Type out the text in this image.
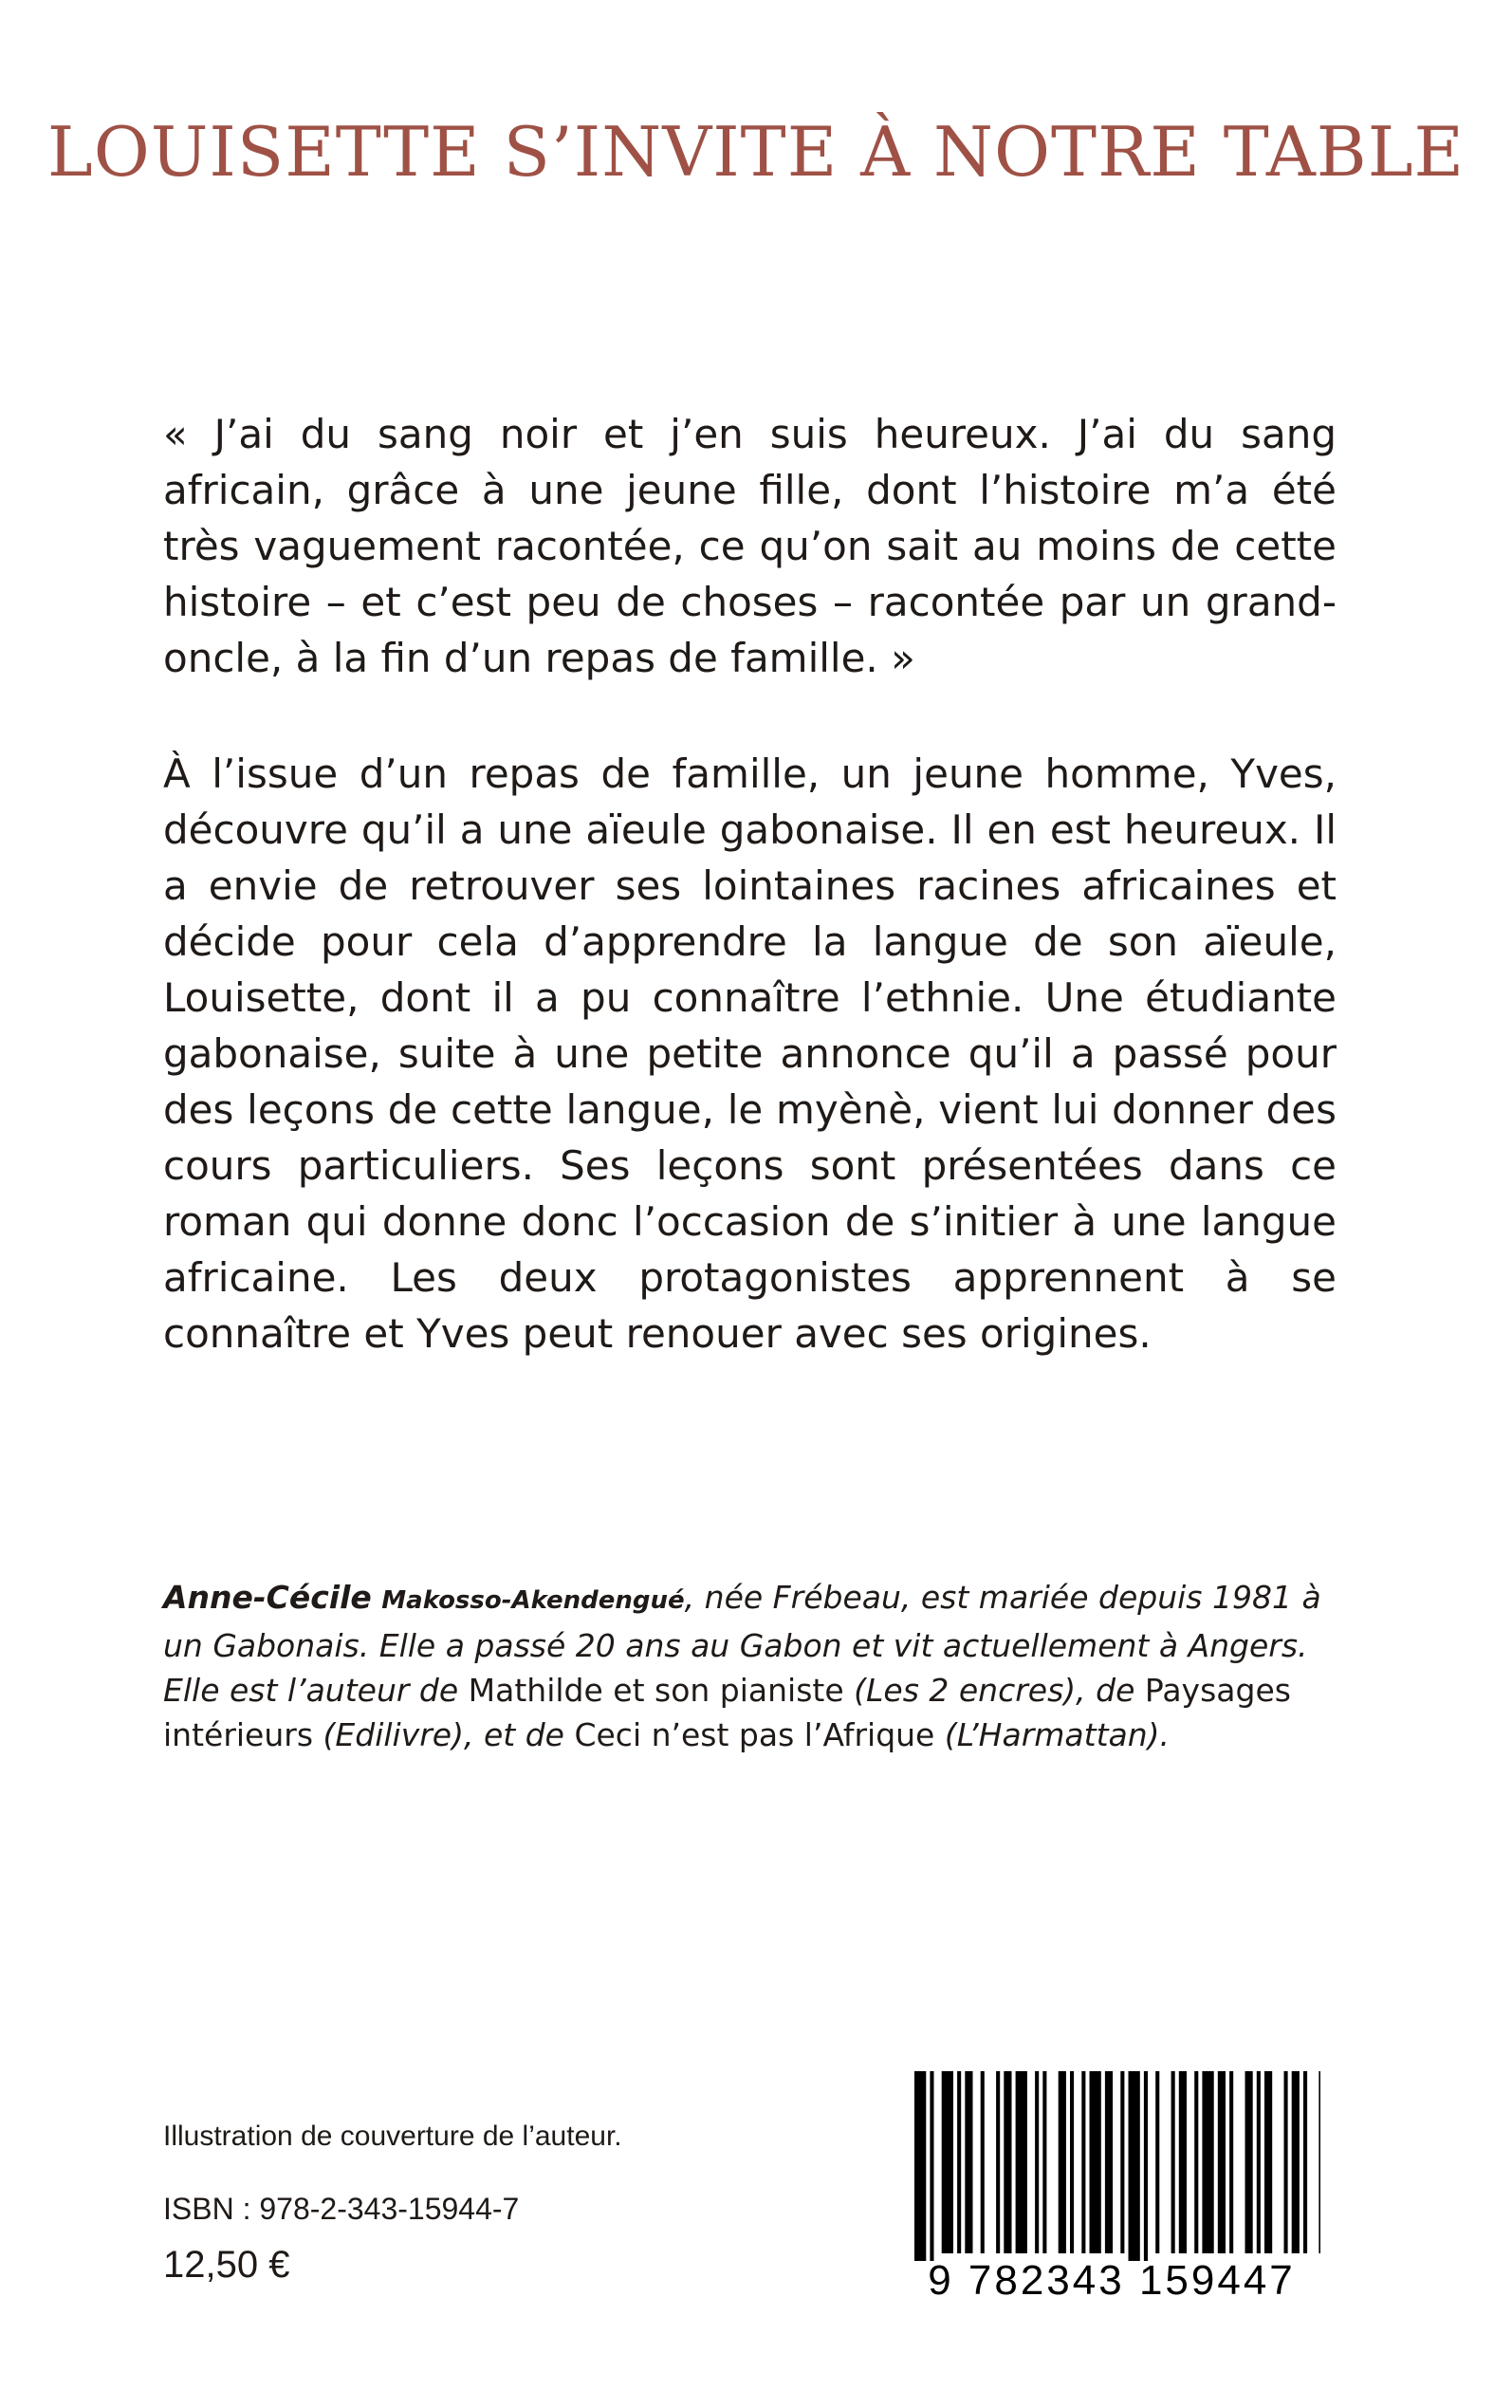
LOUISETTE S’INVITE À NOTRE TABLE
« J’ai du sang noir et j’en suis heureux. J’ai du sang africain, grâce à une jeune fille, dont l’histoire m’a été très vaguement racontée, ce qu’on sait au moins de cette histoire – et c’est peu de choses – racontée par un grand-oncle, à la fin d’un repas de famille. »
À l’issue d’un repas de famille, un jeune homme, Yves, découvre qu’il a une aïeule gabonaise. Il en est heureux. Il a envie de retrouver ses lointaines racines africaines et décide pour cela d’apprendre la langue de son aïeule, Louisette, dont il a pu connaître l’ethnie. Une étudiante gabonaise, suite à une petite annonce qu’il a passé pour des leçons de cette langue, le myènè, vient lui donner des cours particuliers. Ses leçons sont présentées dans ce roman qui donne donc l’occasion de s’initier à une langue africaine. Les deux protagonistes apprennent à se connaître et Yves peut renouer avec ses origines.
Anne-Cécile Makosso-Akendengué, née Frébeau, est mariée depuis 1981 à un Gabonais. Elle a passé 20 ans au Gabon et vit actuellement à Angers. Elle est l’auteur de Mathilde et son pianiste (Les 2 encres), de Paysages intérieurs (Edilivre), et de Ceci n’est pas l’Afrique (L’Harmattan).
Illustration de couverture de l’auteur.
ISBN : 978-2-343-15944-7
12,50 €	9 782343 159447
